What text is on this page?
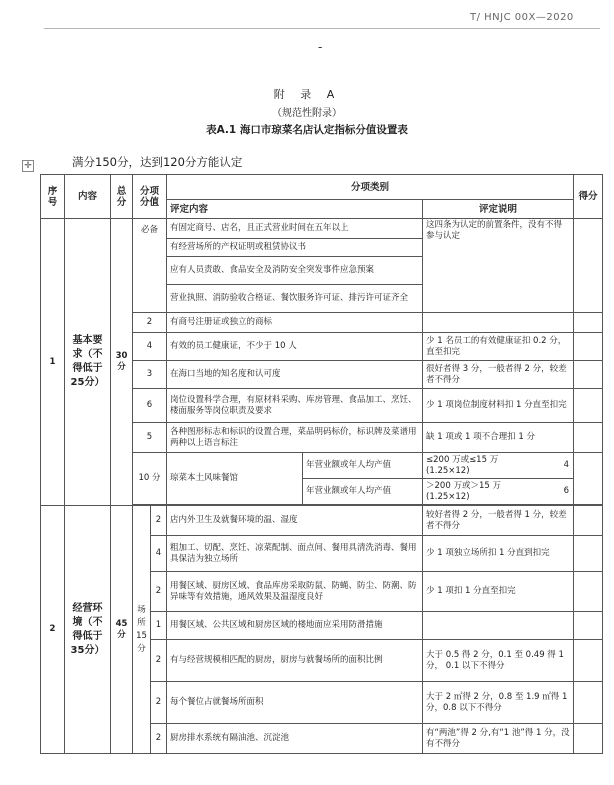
T/ HNJC 00X—2020
-
附 录 A
（规范性附录）
表A.1 海口市琼菜名店认定指标分值设置表
✛	满分150分，达到120分方能认定
序号	内容	总分	分项分值		分项类别				得分
					评定内容		评定说明		
1	基本要求（不得低于25分）	30分	必备		有固定商号、店名，且正式营业时间在五年以上		这四条为认定的前置条件，没有不得参与认定		
					有经营场所的产权证明或租赁协议书				
					应有人员责敢、食品安全及消防安全突发事件应急预案				
					营业执照、消防验收合格证、餐饮服务许可证、排污许可证齐全				
			2		有商号注册证或独立的商标				
			4		有效的员工健康证，不少于 10 人		少 1 名员工的有效健康证扣 0.2 分，直至扣完		
			3		在海口当地的知名度和认可度		很好者得 3 分，一般者得 2 分，较差者不得分		
			6		岗位设置科学合理，有原材料采购、库房管理、食品加工、烹饪、楼面服务等岗位职责及要求		少 1 项岗位制度材料扣 1 分直至扣完		
			5		各种图形标志和标识的设置合理，菜品明码标价，标识牌及菜谱用两种以上语言标注		缺 1 项或 1 项不合理扣 1 分		
			10 分		琼菜本土风味餐馆	年营业额或年人均产值	≤200 万或≤15 万(1.25×12)	4	
						年营业额或年人均产值	＞200 万或＞15 万(1.25×12)	6	

2	经营环境（不得低于35分）	45分	场所15分	2	店内外卫生及就餐环境的温、湿度		较好者得 2 分，一般者得 1 分，较差者不得分		
				4	粗加工、切配、烹饪、凉菜配制、面点间、餐用具清洗消毒、餐用具保洁为独立场所		少 1 项独立场所扣 1 分直到扣完		
				2	用餐区域、厨房区域、食品库房采取防鼠、防蝇、防尘、防潮、防异味等有效措施，通风效果及温湿度良好		少 1 项扣 1 分直至扣完		
				1	用餐区域、公共区域和厨房区域的楼地面应采用防滑措施				
				2	有与经营规模相匹配的厨房，厨房与就餐场所的面积比例		大于 0.5 得 2 分，0.1 至 0.49 得 1 分， 0.1 以下不得分		
				2	每个餐位占就餐场所面积		大于 2 ㎡得 2 分，0.8 至 1.9 ㎡得 1 分，0.8 以下不得分		
				2	厨房排水系统有隔油池、沉淀池		有“两池”得 2 分,有“1 池”得 1 分，没有不得分		
